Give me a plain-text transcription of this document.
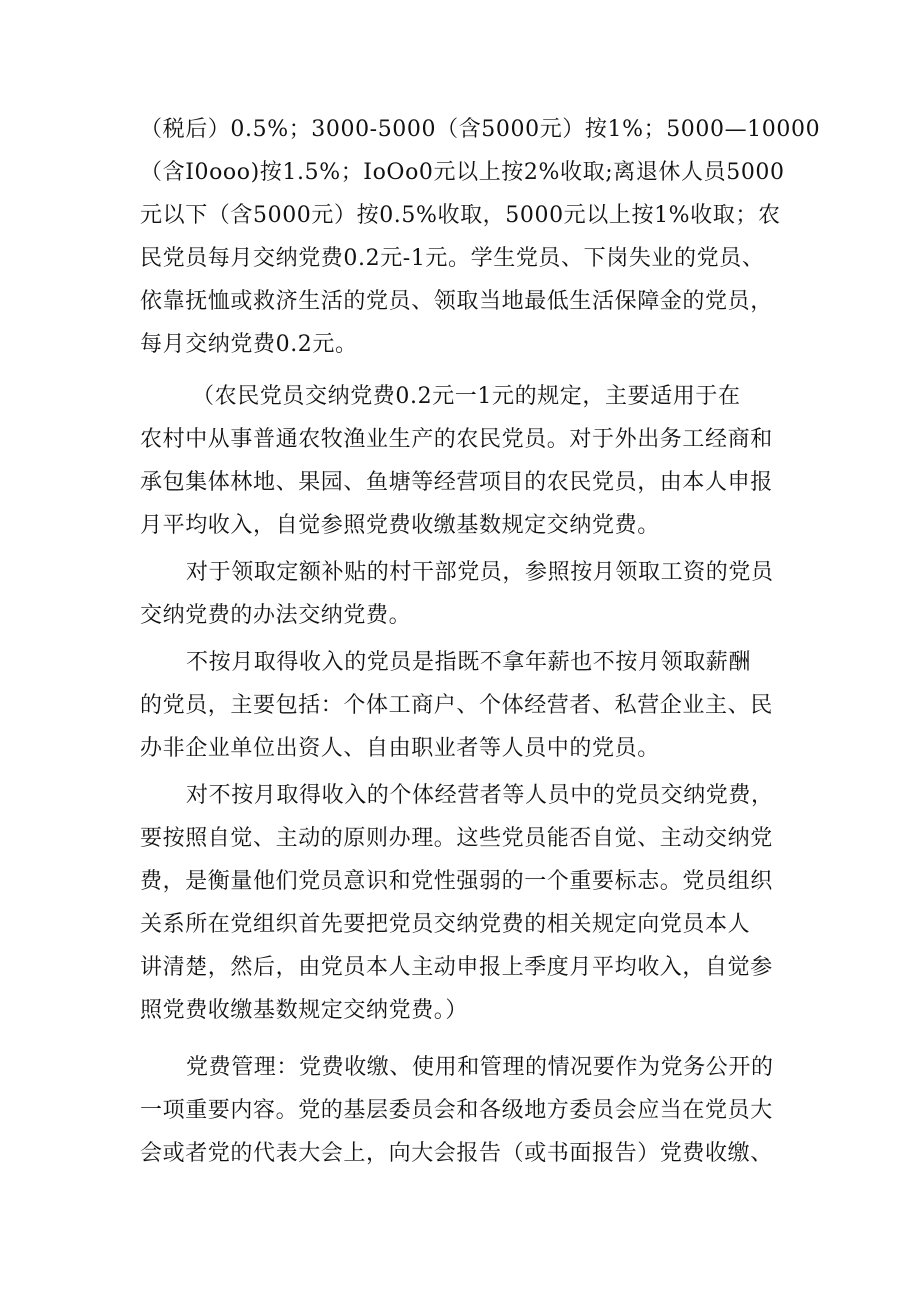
（税后）0.5%；3000-5000（含5000元）按1%；5000—10000
（含I0ooo)按1.5%；IoOo0元以上按2%收取;离退休人员5000
元以下（含5000元）按0.5%收取，5000元以上按1%收取；农
民党员每月交纳党费0.2元-1元。学生党员、下岗失业的党员、
依靠抚恤或救济生活的党员、领取当地最低生活保障金的党员，
每月交纳党费0.2元。
（农民党员交纳党费0.2元一1元的规定，主要适用于在
农村中从事普通农牧渔业生产的农民党员。对于外出务工经商和
承包集体林地、果园、鱼塘等经营项目的农民党员，由本人申报
月平均收入，自觉参照党费收缴基数规定交纳党费。
对于领取定额补贴的村干部党员，参照按月领取工资的党员
交纳党费的办法交纳党费。
不按月取得收入的党员是指既不拿年薪也不按月领取薪酬
的党员，主要包括：个体工商户、个体经营者、私营企业主、民
办非企业单位出资人、自由职业者等人员中的党员。
对不按月取得收入的个体经营者等人员中的党员交纳党费，
要按照自觉、主动的原则办理。这些党员能否自觉、主动交纳党
费，是衡量他们党员意识和党性强弱的一个重要标志。党员组织
关系所在党组织首先要把党员交纳党费的相关规定向党员本人
讲清楚，然后，由党员本人主动申报上季度月平均收入，自觉参
照党费收缴基数规定交纳党费。）
党费管理：党费收缴、使用和管理的情况要作为党务公开的
一项重要内容。党的基层委员会和各级地方委员会应当在党员大
会或者党的代表大会上，向大会报告（或书面报告）党费收缴、
